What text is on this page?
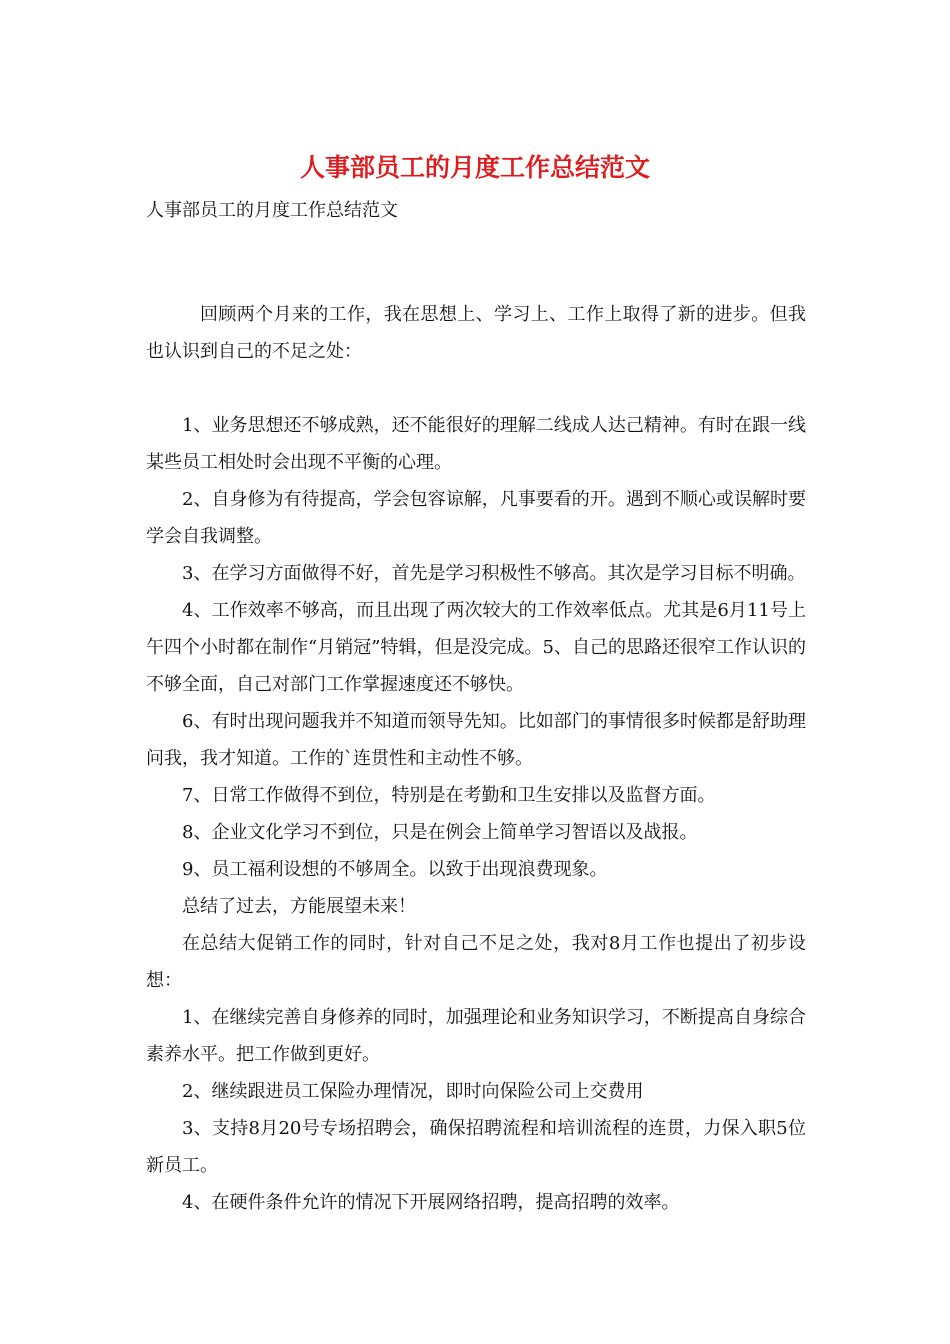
人事部员工的月度工作总结范文

人事部员工的月度工作总结范文

回顾两个月来的工作，我在思想上、学习上、工作上取得了新的进步。但我也认识到自己的不足之处：

1、业务思想还不够成熟，还不能很好的理解二线成人达己精神。有时在跟一线某些员工相处时会出现不平衡的心理。

2、自身修为有待提高，学会包容谅解，凡事要看的开。遇到不顺心或误解时要学会自我调整。

3、在学习方面做得不好，首先是学习积极性不够高。其次是学习目标不明确。

4、工作效率不够高，而且出现了两次较大的工作效率低点。尤其是6月11号上午四个小时都在制作“月销冠”特辑，但是没完成。5、自己的思路还很窄工作认识的不够全面，自己对部门工作掌握速度还不够快。

6、有时出现问题我并不知道而领导先知。比如部门的事情很多时候都是舒助理问我，我才知道。工作的`连贯性和主动性不够。

7、日常工作做得不到位，特别是在考勤和卫生安排以及监督方面。

8、企业文化学习不到位，只是在例会上简单学习智语以及战报。

9、员工福利设想的不够周全。以致于出现浪费现象。

总结了过去，方能展望未来！

在总结大促销工作的同时，针对自己不足之处，我对8月工作也提出了初步设想：

1、在继续完善自身修养的同时，加强理论和业务知识学习，不断提高自身综合素养水平。把工作做到更好。

2、继续跟进员工保险办理情况，即时向保险公司上交费用

3、支持8月20号专场招聘会，确保招聘流程和培训流程的连贯，力保入职5位新员工。

4、在硬件条件允许的情况下开展网络招聘，提高招聘的效率。
